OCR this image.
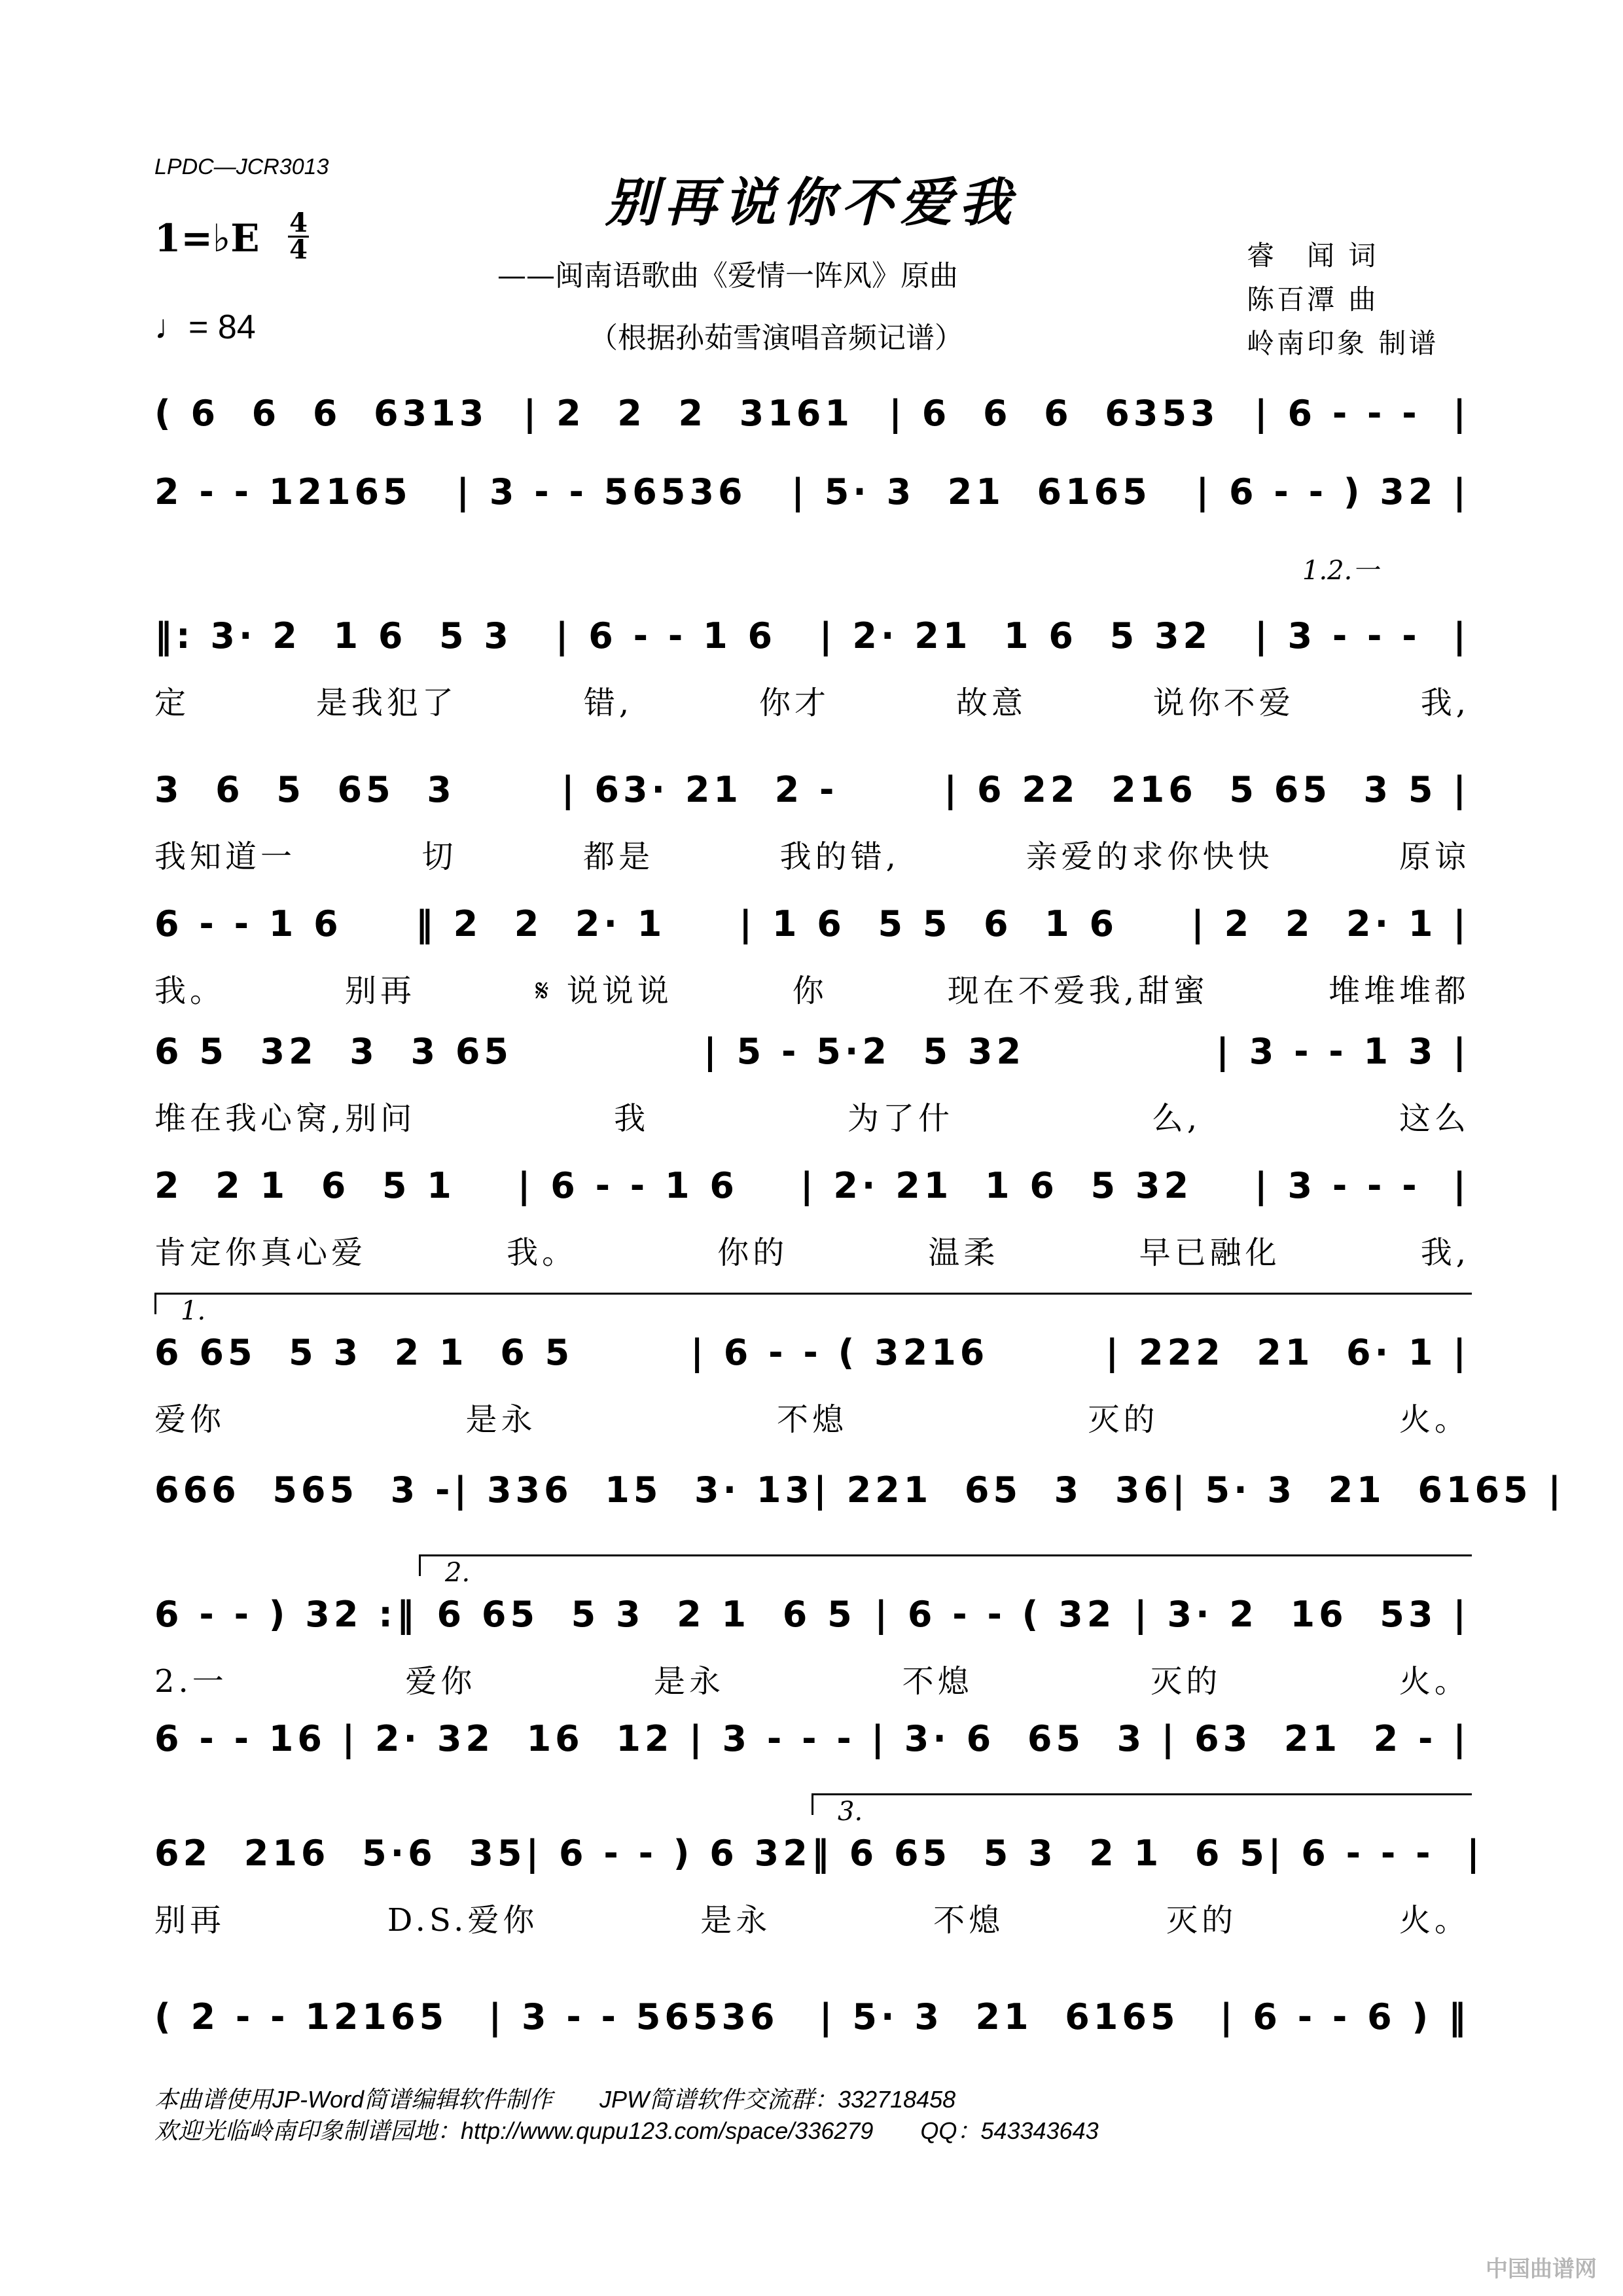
LPDC—JCR3013
别再说你不爱我
——闽南语歌曲《爱情一阵风》原曲
（根据孙茹雪演唱音频记谱）
睿　闻 词
陈百潭 曲
岭南印象 制谱
1=♭E 4
4
♩= 84
( 6  6  6  6313 | 2  2  2  3161 | 6  6  6  6353 | 6 - - -  |
2 - - 12165 | 3 - - 56536 | 5· 3  21  6165 | 6 - - ) 32 |
1.2.一
‖: 3· 2  1 6  5 3 | 6 - - 1 6 | 2· 21  1 6  5 32 | 3 - - -  |
定	是我犯了	错,	你才	故意	说你不爱	我,
3  6  5  65  3	| 63· 21  2 -	| 6 22  216  5 65  3 5 |
我知道一	切	都是	我的错,	亲爱的求你快快	原谅
6 - - 1 6 ‖ 2  2  2· 1 | 1 6  5 5  6  1 6 | 2  2  2· 1 |
我。	别再	𝄋 说说说	你	现在不爱我,甜蜜	堆堆堆都
6 5  32  3  3 65	| 5 - 5·2  5 32	| 3 - - 1 3 |
堆在我心窝,别问	我	为了什	么,	这么
2  2 1  6  5 1 | 6 - - 1 6 | 2· 21  1 6  5 32 | 3 - - -  |
肯定你真心爱	我。	你的	温柔	早已融化	我,
1.
6 65  5 3  2 1  6 5	| 6 - - ( 3216	| 222  21  6· 1 |
爱你	是永	不熄	灭的	火。
666  565  3 - | 336  15  3· 13 | 221  65  3  36 | 5· 3  21  6165 |
2.
6 - - ) 32 :‖ 6 65  5 3  2 1  6 5 | 6 - - ( 32 | 3· 2  16  53 |
2.一	爱你	是永	不熄	灭的	火。
6 - - 16 | 2· 32  16  12 | 3 - - - | 3· 6  65  3 | 63  21  2 - |
3.
62  216  5·6  35 | 6 - - ) 6 32 ‖ 6 65  5 3  2 1  6 5 | 6 - - -  |
别再	D.S.爱你	是永	不熄	灭的	火。
( 2 - - 12165 | 3 - - 56536 | 5· 3  21  6165 | 6 - - 6 ) ‖
本曲谱使用JP-Word简谱编辑软件制作　　JPW简谱软件交流群：332718458
欢迎光临岭南印象制谱园地：http://www.qupu123.com/space/336279　　QQ：543343643
中国曲谱网
